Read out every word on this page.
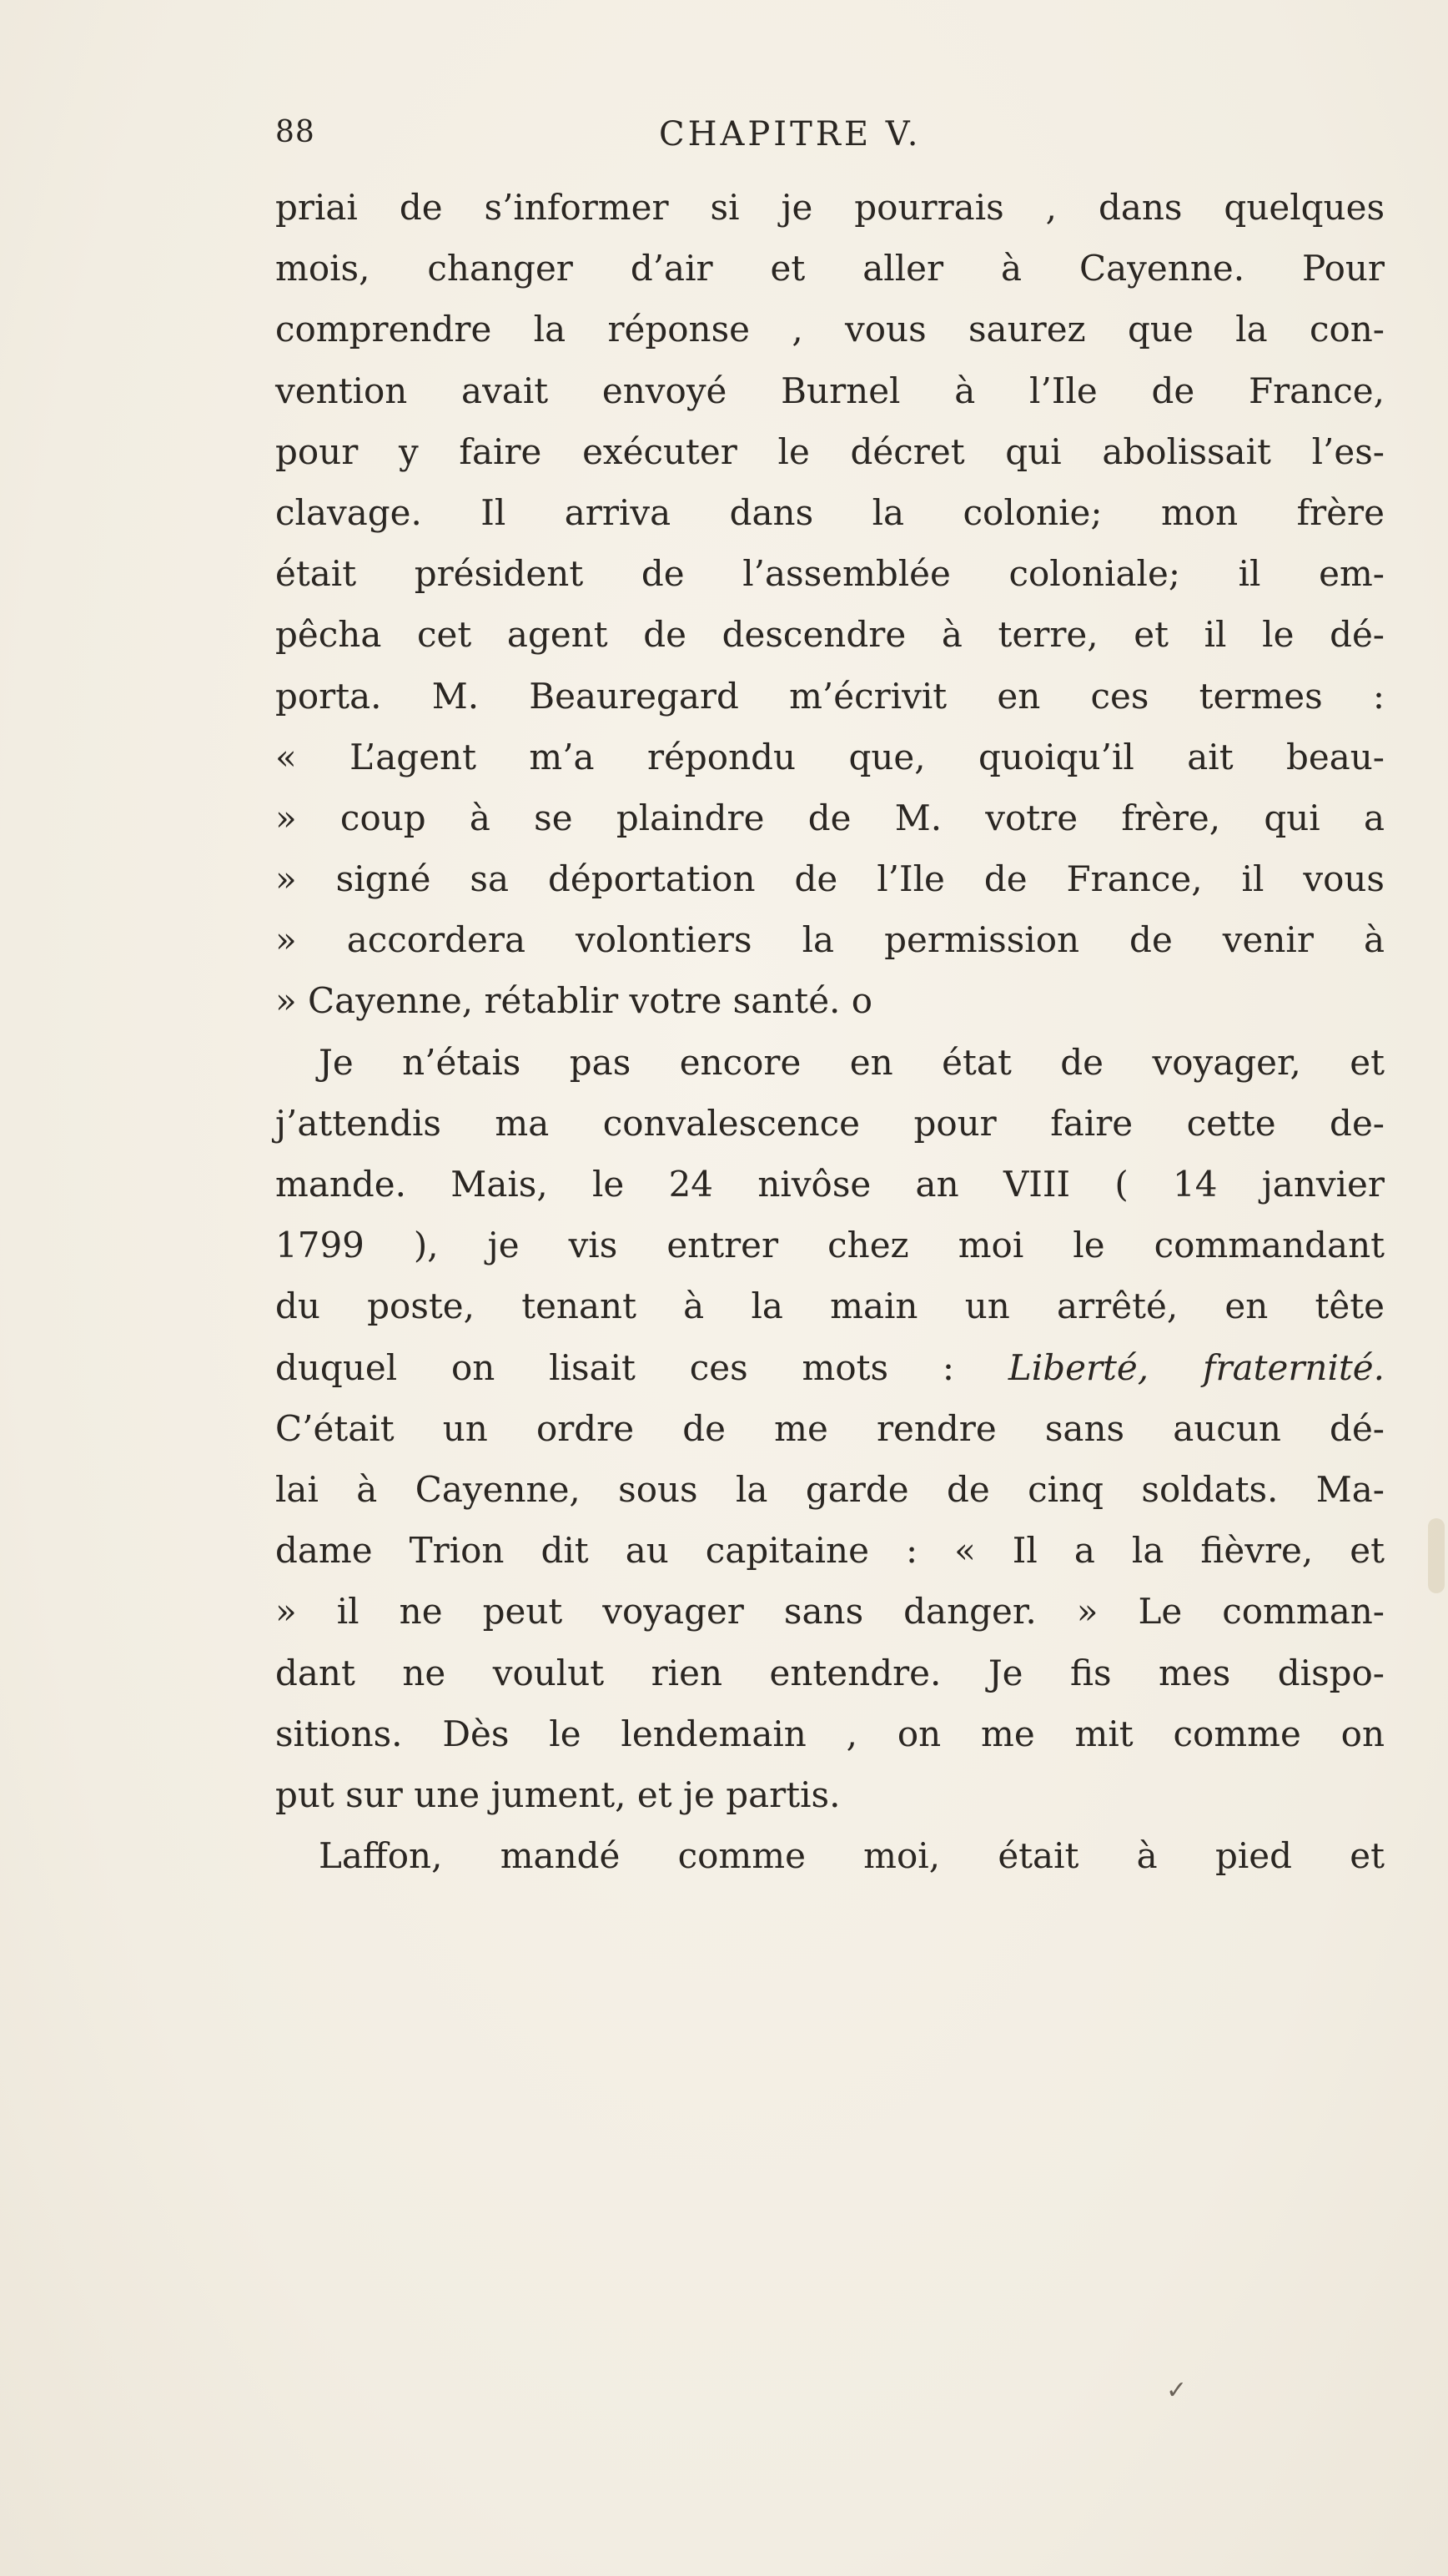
88	CHAPITRE V.
priai de s’informer si je pourrais , dans quelques
mois, changer d’air et aller à Cayenne. Pour
comprendre la réponse , vous saurez que la con-
vention avait envoyé Burnel à l’Ile de France,
pour y faire exécuter le décret qui abolissait l’es-
clavage. Il arriva dans la colonie; mon frère
était président de l’assemblée coloniale; il em-
pêcha cet agent de descendre à terre, et il le dé-
porta. M. Beauregard m’écrivit en ces termes :
« L’agent m’a répondu que, quoiqu’il ait beau-
» coup à se plaindre de M. votre frère, qui a
» signé sa déportation de l’Ile de France, il vous
» accordera volontiers la permission de venir à
» Cayenne, rétablir votre santé. o
Je n’étais pas encore en état de voyager, et
j’attendis ma convalescence pour faire cette de-
mande. Mais, le 24 nivôse an VIII ( 14 janvier
1799 ), je vis entrer chez moi le commandant
du poste, tenant à la main un arrêté, en tête
duquel on lisait ces mots : Liberté, fraternité.
C’était un ordre de me rendre sans aucun dé-
lai à Cayenne, sous la garde de cinq soldats. Ma-
dame Trion dit au capitaine : « Il a la fièvre, et
» il ne peut voyager sans danger. » Le comman-
dant ne voulut rien entendre. Je fis mes dispo-
sitions. Dès le lendemain , on me mit comme on
put sur une jument, et je partis.
Laffon, mandé comme moi, était à pied et
✓
